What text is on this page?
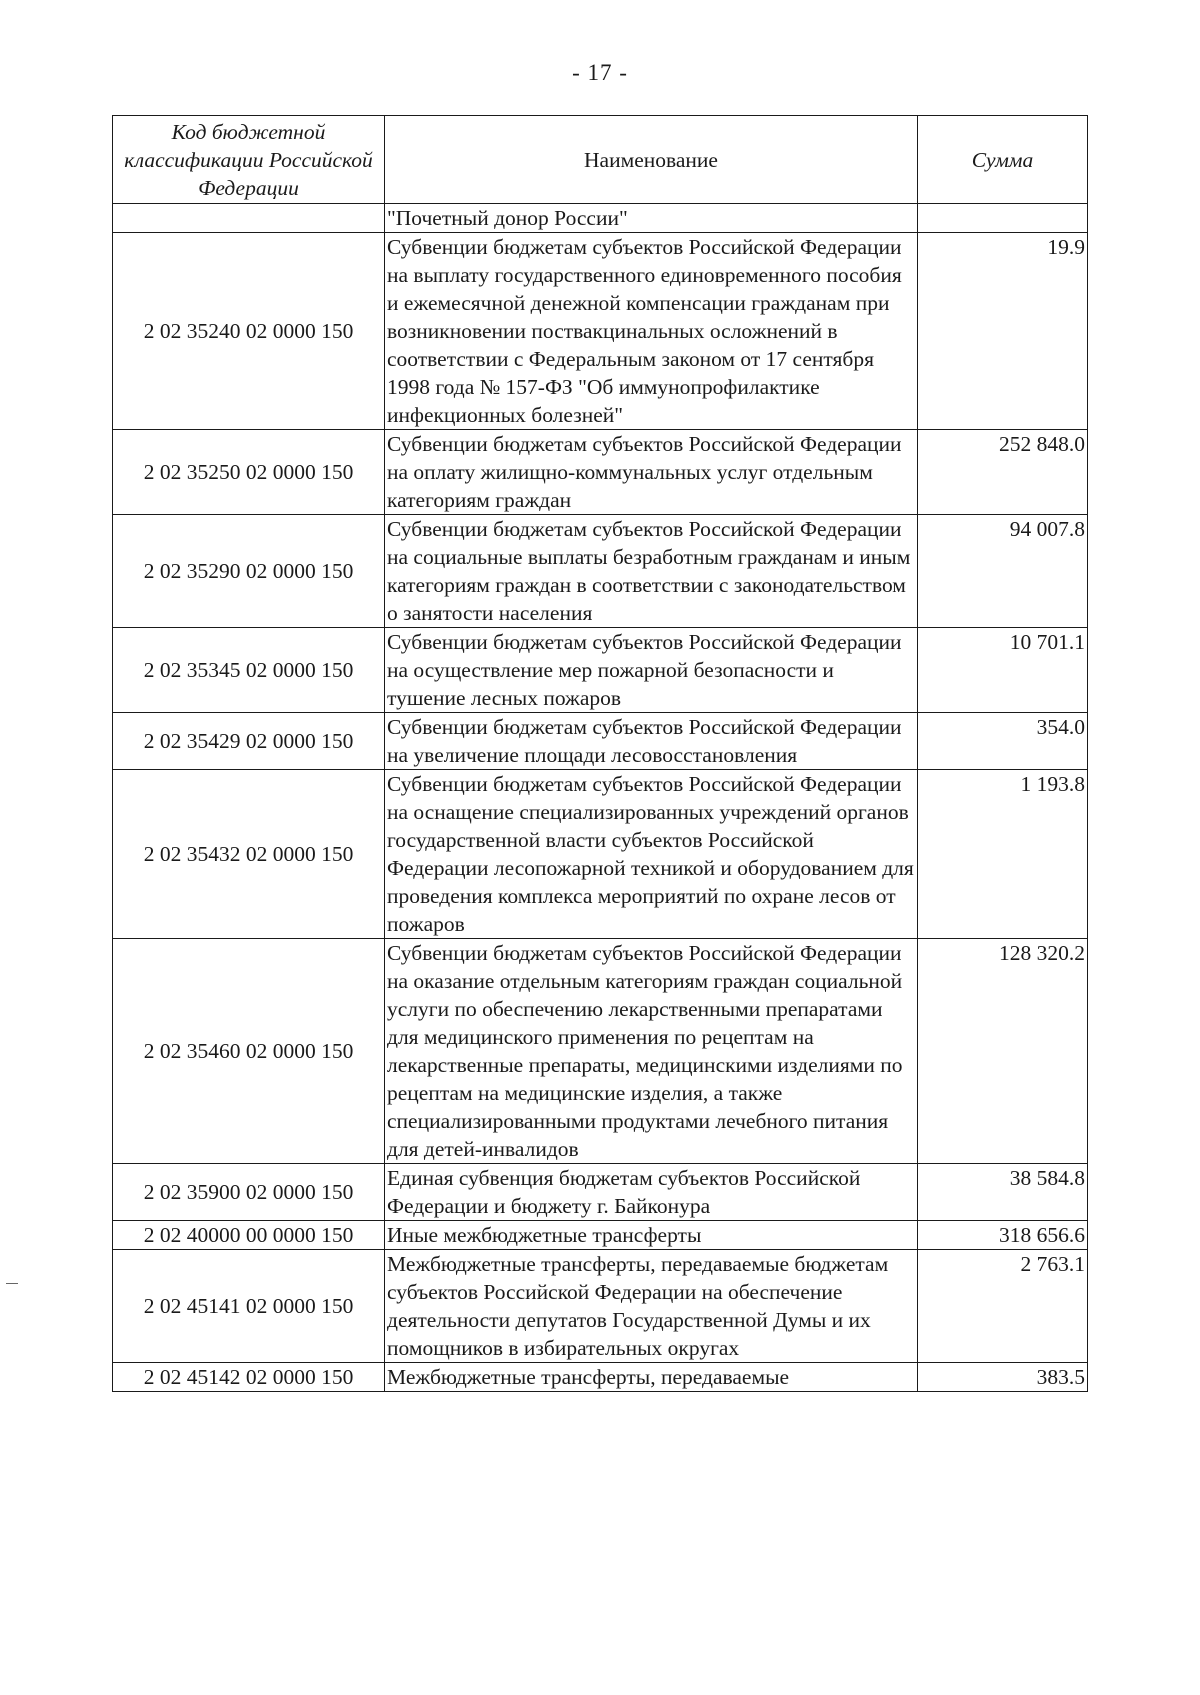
- 17 -
Код бюджетной классификации Российской Федерации	Наименование	Сумма
	"Почетный донор России"	
2 02 35240 02 0000 150	Субвенции бюджетам субъектов Российской Федерации на выплату государственного единовременного пособия и ежемесячной денежной компенсации гражданам при возникновении поствакцинальных осложнений в соответствии с Федеральным законом от 17 сентября 1998 года № 157-ФЗ "Об иммунопрофилактике инфекционных болезней"	19.9
2 02 35250 02 0000 150	Субвенции бюджетам субъектов Российской Федерации на оплату жилищно-коммунальных услуг отдельным категориям граждан	252 848.0
2 02 35290 02 0000 150	Субвенции бюджетам субъектов Российской Федерации на социальные выплаты безработным гражданам и иным категориям граждан в соответствии с законодательством о занятости населения	94 007.8
2 02 35345 02 0000 150	Субвенции бюджетам субъектов Российской Федерации на осуществление мер пожарной безопасности и тушение лесных пожаров	10 701.1
2 02 35429 02 0000 150	Субвенции бюджетам субъектов Российской Федерации на увеличение площади лесовосстановления	354.0
2 02 35432 02 0000 150	Субвенции бюджетам субъектов Российской Федерации на оснащение специализированных учреждений органов государственной власти субъектов Российской Федерации лесопожарной техникой и оборудованием для проведения комплекса мероприятий по охране лесов от пожаров	1 193.8
2 02 35460 02 0000 150	Субвенции бюджетам субъектов Российской Федерации на оказание отдельным категориям граждан социальной услуги по обеспечению лекарственными препаратами для медицинского применения по рецептам на лекарственные препараты, медицинскими изделиями по рецептам на медицинские изделия, а также специализированными продуктами лечебного питания для детей-инвалидов	128 320.2
2 02 35900 02 0000 150	Единая субвенция бюджетам субъектов Российской Федерации и бюджету г. Байконура	38 584.8
2 02 40000 00 0000 150	Иные межбюджетные трансферты	318 656.6
2 02 45141 02 0000 150	Межбюджетные трансферты, передаваемые бюджетам субъектов Российской Федерации на обеспечение деятельности депутатов Государственной Думы и их помощников в избирательных округах	2 763.1
2 02 45142 02 0000 150	Межбюджетные трансферты, передаваемые	383.5
